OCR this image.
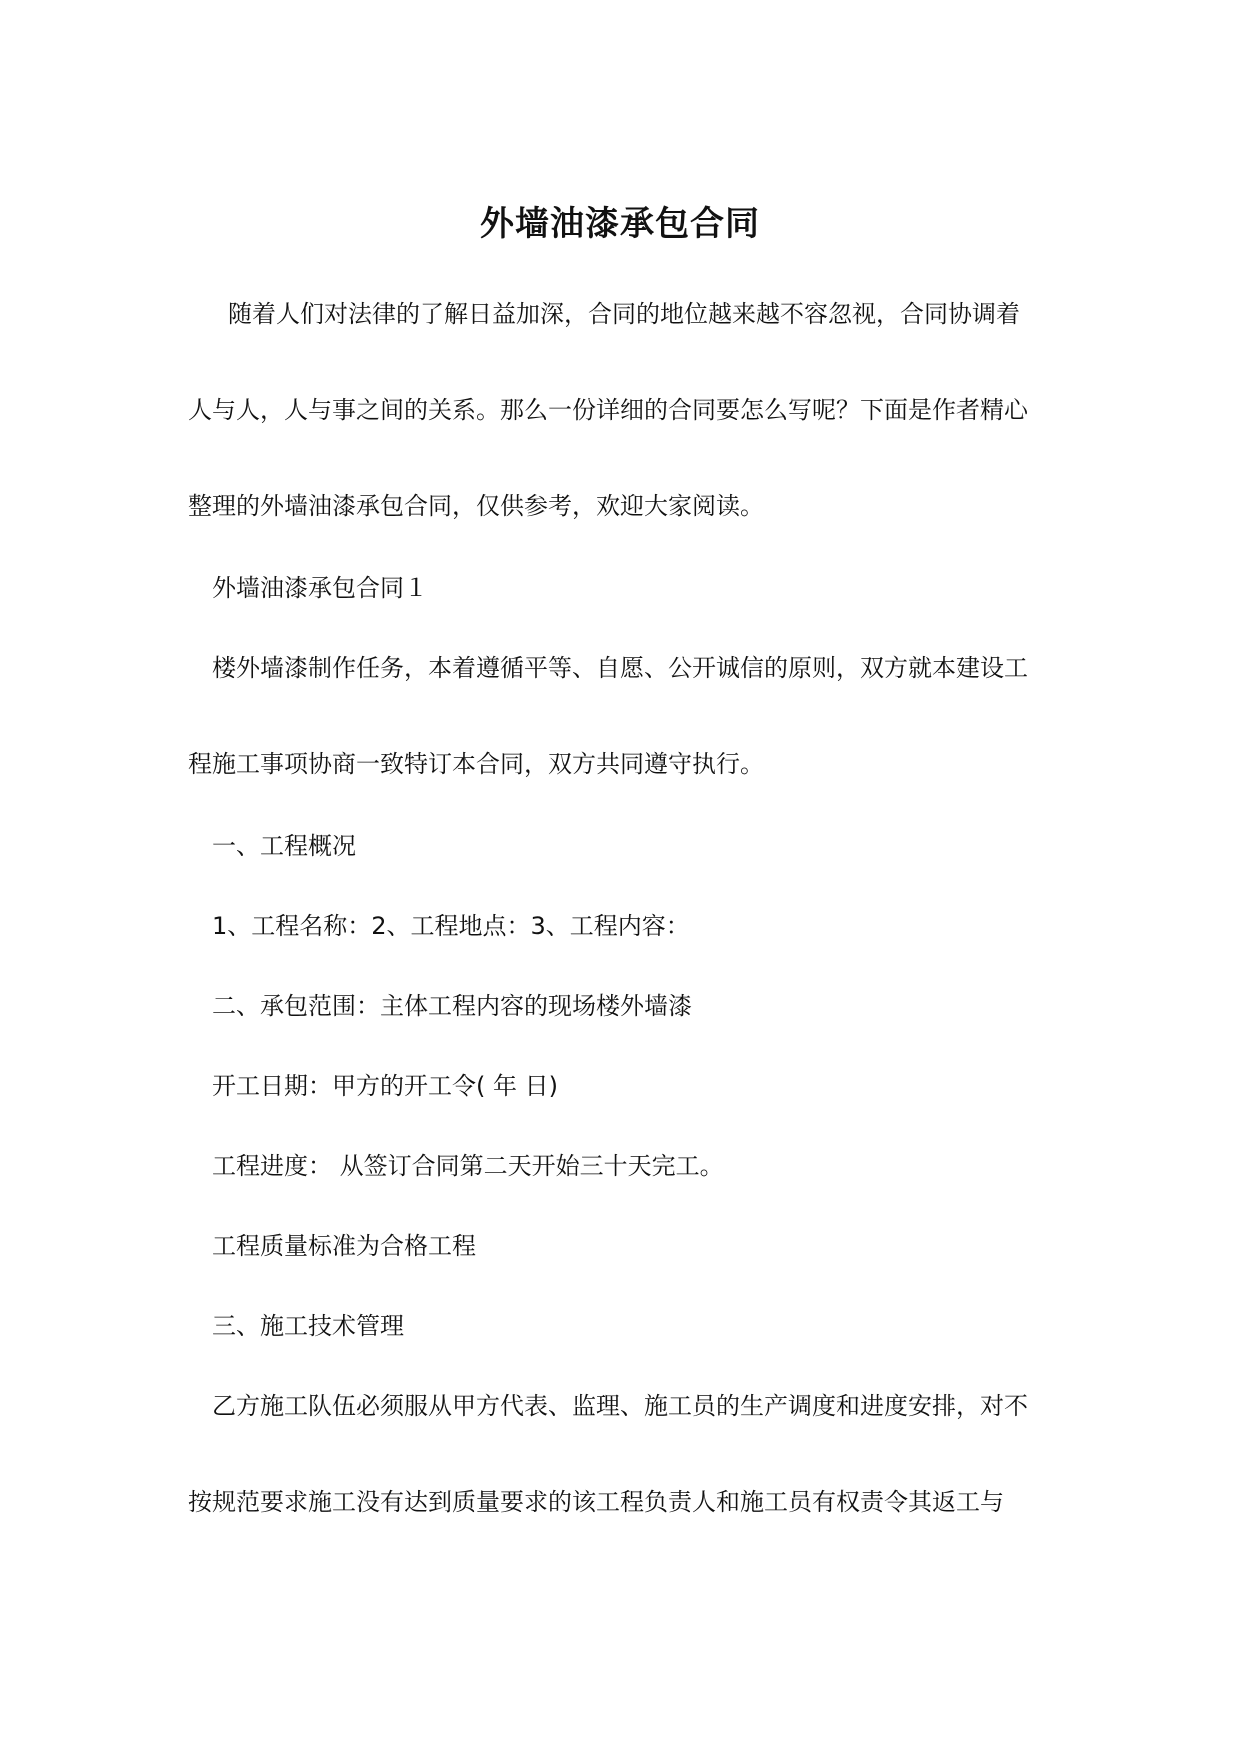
外墙油漆承包合同

随着人们对法律的了解日益加深，合同的地位越来越不容忽视，合同协调着

人与人，人与事之间的关系。那么一份详细的合同要怎么写呢？下面是作者精心

整理的外墙油漆承包合同，仅供参考，欢迎大家阅读。

外墙油漆承包合同１

楼外墙漆制作任务，本着遵循平等、自愿、公开诚信的原则，双方就本建设工

程施工事项协商一致特订本合同，双方共同遵守执行。

一、工程概况

1、工程名称：2、工程地点：3、工程内容：

二、承包范围：主体工程内容的现场楼外墙漆

开工日期：甲方的开工令( 年 日)

工程进度： 从签订合同第二天开始三十天完工。

工程质量标准为合格工程

三、施工技术管理

乙方施工队伍必须服从甲方代表、监理、施工员的生产调度和进度安排，对不

按规范要求施工没有达到质量要求的该工程负责人和施工员有权责令其返工与
